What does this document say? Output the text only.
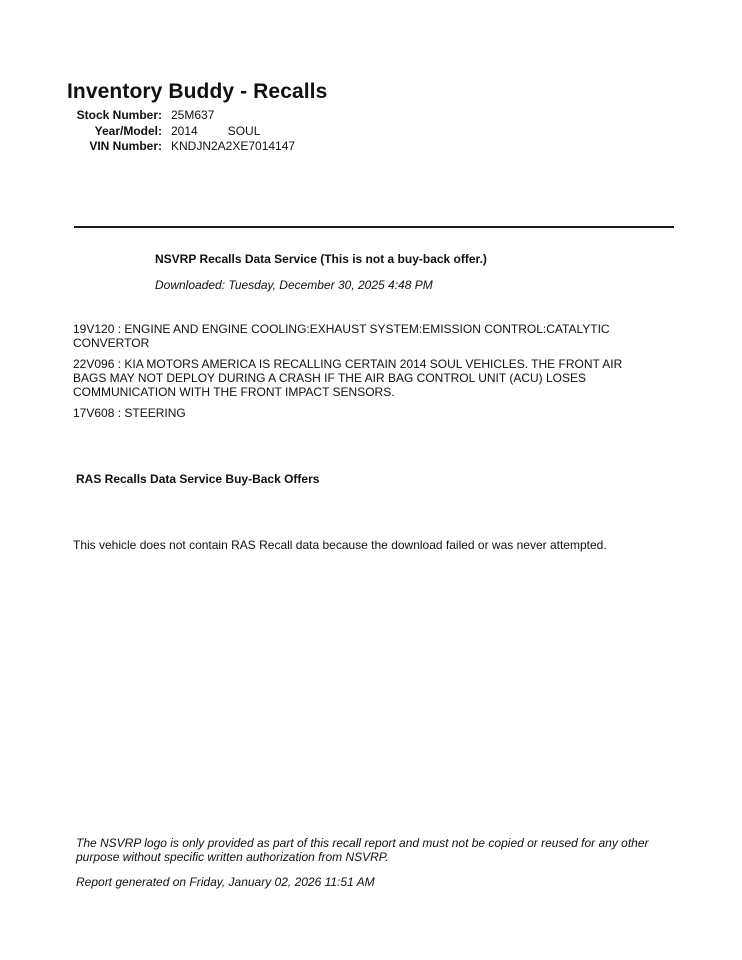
Inventory Buddy - Recalls
Stock Number: 25M637
Year/Model: 2014	SOUL
VIN Number: KNDJN2A2XE7014147
NSVRP Recalls Data Service (This is not a buy-back offer.)
Downloaded: Tuesday, December 30, 2025 4:48 PM
19V120 : ENGINE AND ENGINE COOLING:EXHAUST SYSTEM:EMISSION CONTROL:CATALYTIC CONVERTOR
22V096 : KIA MOTORS AMERICA IS RECALLING CERTAIN 2014 SOUL VEHICLES. THE FRONT AIR BAGS MAY NOT DEPLOY DURING A CRASH IF THE AIR BAG CONTROL UNIT (ACU) LOSES COMMUNICATION WITH THE FRONT IMPACT SENSORS.
17V608 : STEERING
RAS Recalls Data Service Buy-Back Offers
This vehicle does not contain RAS Recall data because the download failed or was never attempted.
The NSVRP logo is only provided as part of this recall report and must not be copied or reused for any other purpose without specific written authorization from NSVRP.
Report generated on Friday, January 02, 2026 11:51 AM
